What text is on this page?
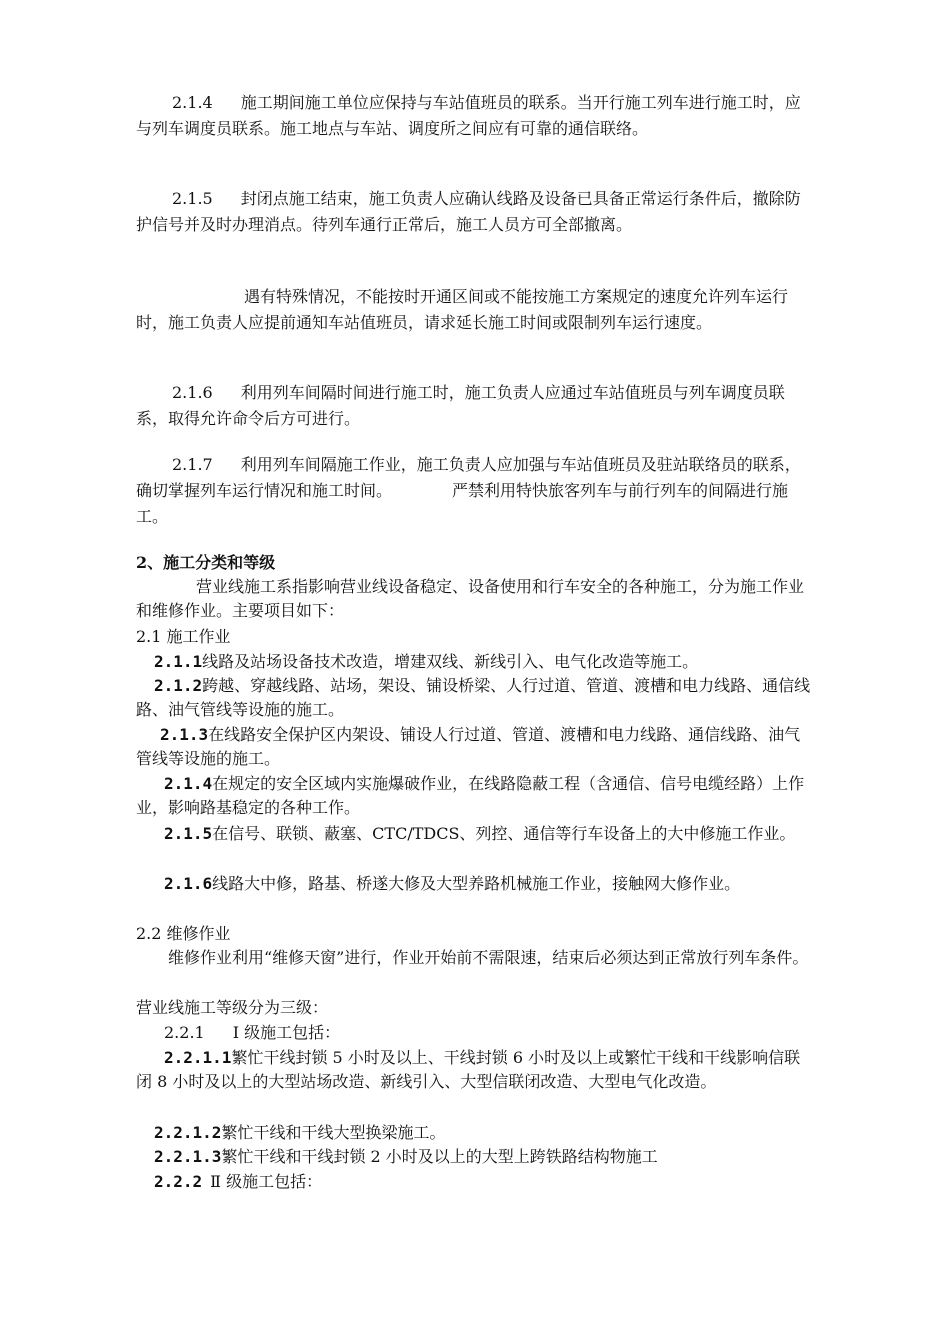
2.1.4 施工期间施工单位应保持与车站值班员的联系。当开行施工列车进行施工时，应与列车调度员联系。施工地点与车站、调度所之间应有可靠的通信联络。

2.1.5 封闭点施工结束，施工负责人应确认线路及设备已具备正常运行条件后，撤除防护信号并及时办理消点。待列车通行正常后，施工人员方可全部撤离。

遇有特殊情况，不能按时开通区间或不能按施工方案规定的速度允许列车运行时，施工负责人应提前通知车站值班员，请求延长施工时间或限制列车运行速度。

2.1.6 利用列车间隔时间进行施工时，施工负责人应通过车站值班员与列车调度员联系，取得允许命令后方可进行。

2.1.7 利用列车间隔施工作业，施工负责人应加强与车站值班员及驻站联络员的联系，确切掌握列车运行情况和施工时间。	严禁利用特快旅客列车与前行列车的间隔进行施工。

2、施工分类和等级

营业线施工系指影响营业线设备稳定、设备使用和行车安全的各种施工，分为施工作业和维修作业。主要项目如下：

2.1 施工作业

2.1.1线路及站场设备技术改造，增建双线、新线引入、电气化改造等施工。

2.1.2跨越、穿越线路、站场，架设、铺设桥梁、人行过道、管道、渡槽和电力线路、通信线路、油气管线等设施的施工。

2.1.3在线路安全保护区内架设、铺设人行过道、管道、渡槽和电力线路、通信线路、油气管线等设施的施工。

2.1.4在规定的安全区域内实施爆破作业，在线路隐蔽工程（含通信、信号电缆经路）上作业，影响路基稳定的各种工作。

2.1.5在信号、联锁、蔽塞、CTC/TDCS、列控、通信等行车设备上的大中修施工作业。

2.1.6线路大中修，路基、桥遂大修及大型养路机械施工作业，接触网大修作业。

2.2 维修作业

维修作业利用“维修天窗”进行，作业开始前不需限速，结束后必须达到正常放行列车条件。

营业线施工等级分为三级：

2.2.1 Ⅰ 级施工包括：

2.2.1.1繁忙干线封锁 5 小时及以上、干线封锁 6 小时及以上或繁忙干线和干线影响信联闭 8 小时及以上的大型站场改造、新线引入、大型信联闭改造、大型电气化改造。

2.2.1.2繁忙干线和干线大型换梁施工。

2.2.1.3繁忙干线和干线封锁 2 小时及以上的大型上跨铁路结构物施工

2.2.2 Ⅱ 级施工包括：
